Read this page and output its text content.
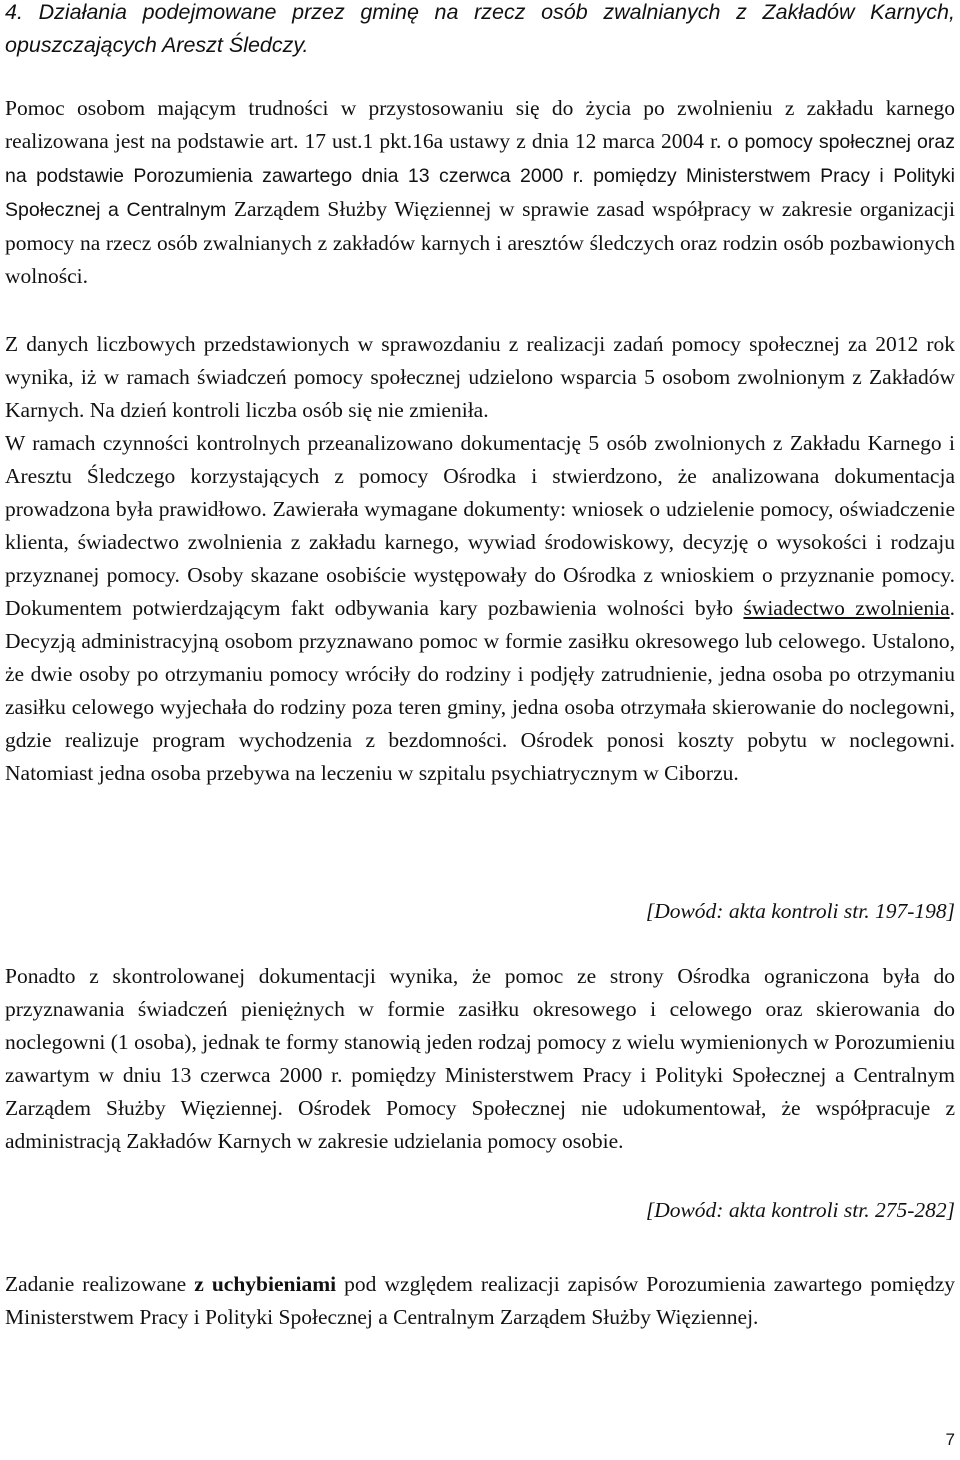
4. Działania podejmowane przez gminę na rzecz osób zwalnianych z Zakładów Karnych, opuszczających Areszt Śledczy.

Pomoc osobom mającym trudności w przystosowaniu się do życia po zwolnieniu z zakładu karnego realizowana jest na podstawie art. 17 ust.1 pkt.16a ustawy z dnia 12 marca 2004 r. o pomocy społecznej oraz na podstawie Porozumienia zawartego dnia 13 czerwca 2000 r. pomiędzy Ministerstwem Pracy i Polityki Społecznej a Centralnym Zarządem Służby Więziennej w sprawie zasad współpracy w zakresie organizacji pomocy na rzecz osób zwalnianych z zakładów karnych i aresztów śledczych oraz rodzin osób pozbawionych wolności.

Z danych liczbowych przedstawionych w sprawozdaniu z realizacji zadań pomocy społecznej za 2012 rok wynika, iż w ramach świadczeń pomocy społecznej udzielono wsparcia 5 osobom zwolnionym z Zakładów Karnych. Na dzień kontroli liczba osób się nie zmieniła.

W ramach czynności kontrolnych przeanalizowano dokumentację 5 osób zwolnionych z Zakładu Karnego i Aresztu Śledczego korzystających z pomocy Ośrodka i stwierdzono, że analizowana dokumentacja prowadzona była prawidłowo. Zawierała wymagane dokumenty: wniosek o udzielenie pomocy, oświadczenie klienta, świadectwo zwolnienia z zakładu karnego, wywiad środowiskowy, decyzję o wysokości i rodzaju przyznanej pomocy. Osoby skazane osobiście występowały do Ośrodka z wnioskiem o przyznanie pomocy. Dokumentem potwierdzającym fakt odbywania kary pozbawienia wolności było świadectwo zwolnienia. Decyzją administracyjną osobom przyznawano pomoc w formie zasiłku okresowego lub celowego. Ustalono, że dwie osoby po otrzymaniu pomocy wróciły do rodziny i podjęły zatrudnienie, jedna osoba po otrzymaniu zasiłku celowego wyjechała do rodziny poza teren gminy, jedna osoba otrzymała skierowanie do noclegowni, gdzie realizuje program wychodzenia z bezdomności. Ośrodek ponosi koszty pobytu w noclegowni. Natomiast jedna osoba przebywa na leczeniu w szpitalu psychiatrycznym w Ciborzu.

[Dowód: akta kontroli str. 197-198]

Ponadto z skontrolowanej dokumentacji wynika, że pomoc ze strony Ośrodka ograniczona była do przyznawania świadczeń pieniężnych w formie zasiłku okresowego i celowego oraz skierowania do noclegowni (1 osoba), jednak te formy stanowią jeden rodzaj pomocy z wielu wymienionych w Porozumieniu zawartym w dniu 13 czerwca 2000 r. pomiędzy Ministerstwem Pracy i Polityki Społecznej a Centralnym Zarządem Służby Więziennej. Ośrodek Pomocy Społecznej nie udokumentował, że współpracuje z administracją Zakładów Karnych w zakresie udzielania pomocy osobie.

[Dowód: akta kontroli str. 275-282]

Zadanie realizowane z uchybieniami pod względem realizacji zapisów Porozumienia zawartego pomiędzy Ministerstwem Pracy i Polityki Społecznej a Centralnym Zarządem Służby Więziennej.

7
